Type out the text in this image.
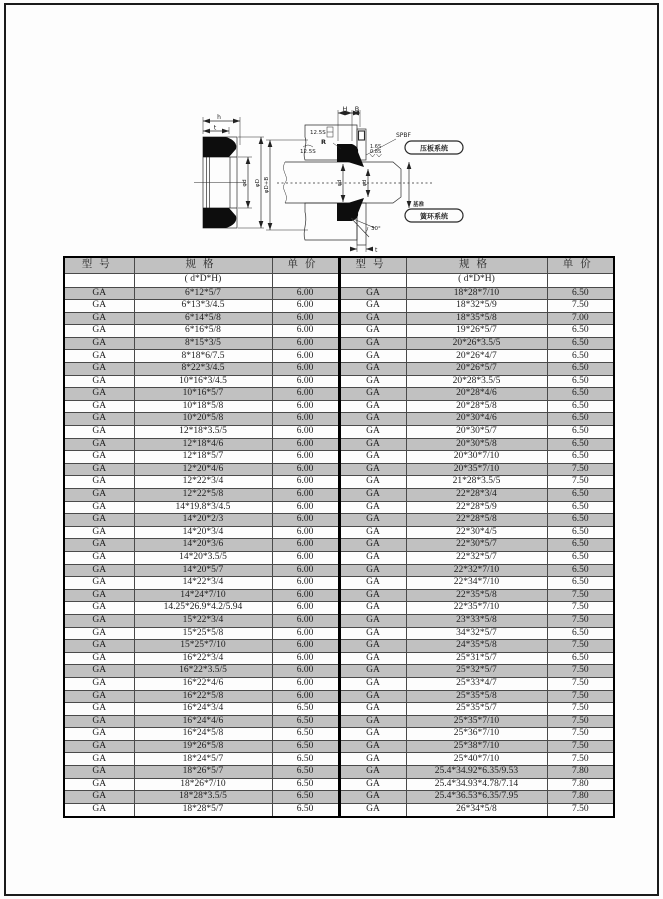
h
t
φd φD
H B
12.5S
12.5S
R
1.6S
0.8S
SPBF
压板系统
簧环系统
基准
φD+B	φd	φd
30°
t
型号	规格	单价	型号	规格	单价
	( d*D*H)			( d*D*H)	
GA	6*12*5/7	6.00	GA	18*28*7/10	6.50
GA	6*13*3/4.5	6.00	GA	18*32*5/9	7.50
GA	6*14*5/8	6.00	GA	18*35*5/8	7.00
GA	6*16*5/8	6.00	GA	19*26*5/7	6.50
GA	8*15*3/5	6.00	GA	20*26*3.5/5	6.50
GA	8*18*6/7.5	6.00	GA	20*26*4/7	6.50
GA	8*22*3/4.5	6.00	GA	20*26*5/7	6.50
GA	10*16*3/4.5	6.00	GA	20*28*3.5/5	6.50
GA	10*16*5/7	6.00	GA	20*28*4/6	6.50
GA	10*18*5/8	6.00	GA	20*28*5/8	6.50
GA	10*20*5/8	6.00	GA	20*30*4/6	6.50
GA	12*18*3.5/5	6.00	GA	20*30*5/7	6.50
GA	12*18*4/6	6.00	GA	20*30*5/8	6.50
GA	12*18*5/7	6.00	GA	20*30*7/10	6.50
GA	12*20*4/6	6.00	GA	20*35*7/10	7.50
GA	12*22*3/4	6.00	GA	21*28*3.5/5	7.50
GA	12*22*5/8	6.00	GA	22*28*3/4	6.50
GA	14*19.8*3/4.5	6.00	GA	22*28*5/9	6.50
GA	14*20*2/3	6.00	GA	22*28*5/8	6.50
GA	14*20*3/4	6.00	GA	22*30*4/5	6.50
GA	14*20*3/6	6.00	GA	22*30*5/7	6.50
GA	14*20*3.5/5	6.00	GA	22*32*5/7	6.50
GA	14*20*5/7	6.00	GA	22*32*7/10	6.50
GA	14*22*3/4	6.00	GA	22*34*7/10	6.50
GA	14*24*7/10	6.00	GA	22*35*5/8	7.50
GA	14.25*26.9*4.2/5.94	6.00	GA	22*35*7/10	7.50
GA	15*22*3/4	6.00	GA	23*33*5/8	7.50
GA	15*25*5/8	6.00	GA	34*32*5/7	6.50
GA	15*25*7/10	6.00	GA	24*35*5/8	7.50
GA	16*22*3/4	6.00	GA	25*31*5/7	6.50
GA	16*22*3.5/5	6.00	GA	25*32*5/7	7.50
GA	16*22*4/6	6.00	GA	25*33*4/7	7.50
GA	16*22*5/8	6.00	GA	25*35*5/8	7.50
GA	16*24*3/4	6.50	GA	25*35*5/7	7.50
GA	16*24*4/6	6.50	GA	25*35*7/10	7.50
GA	16*24*5/8	6.50	GA	25*36*7/10	7.50
GA	19*26*5/8	6.50	GA	25*38*7/10	7.50
GA	18*24*5/7	6.50	GA	25*40*7/10	7.50
GA	18*26*5/7	6.50	GA	25.4*34.92*6.35/9.53	7.80
GA	18*26*7/10	6.50	GA	25.4*34.93*4.78/7.14	7.80
GA	18*28*3.5/5	6.50	GA	25.4*36.53*6.35/7.95	7.80
GA	18*28*5/7	6.50	GA	26*34*5/8	7.50
